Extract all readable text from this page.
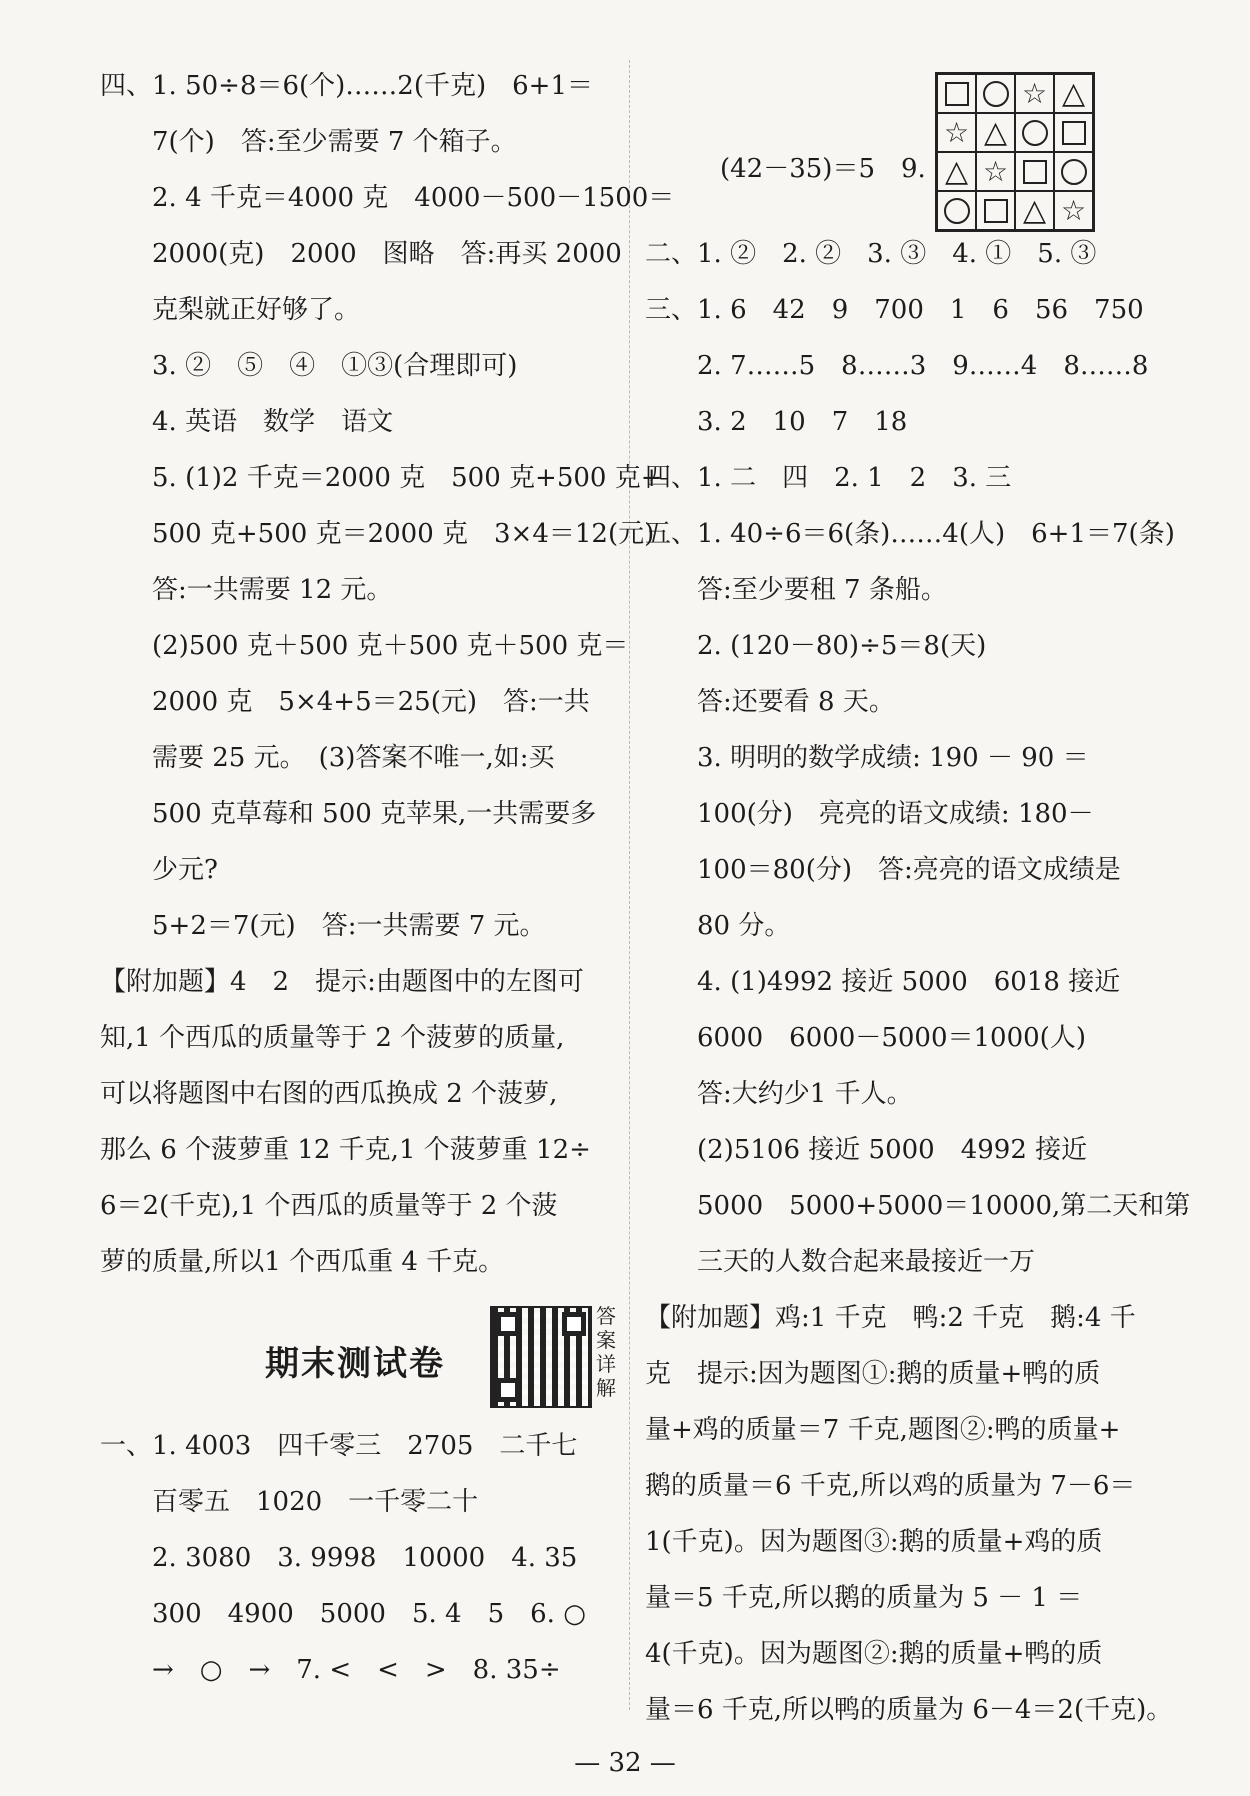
四、1. 50÷8＝6(个)……2(千克)　6+1＝
7(个)　答:至少需要 7 个箱子。
2. 4 千克＝4000 克　4000－500－1500＝
2000(克)　2000　图略　答:再买 2000
克梨就正好够了。
3. ②　⑤　④　①③(合理即可)
4. 英语　数学　语文
5. (1)2 千克＝2000 克　500 克+500 克+
500 克+500 克＝2000 克　3×4＝12(元)
答:一共需要 12 元。
(2)500 克＋500 克＋500 克＋500 克＝
2000 克　5×4+5＝25(元)　答:一共
需要 25 元。　(3)答案不唯一,如:买
500 克草莓和 500 克苹果,一共需要多
少元?
5+2＝7(元)　答:一共需要 7 元。
【附加题】4　2　提示:由题图中的左图可
知,1 个西瓜的质量等于 2 个菠萝的质量,
可以将题图中右图的西瓜换成 2 个菠萝,
那么 6 个菠萝重 12 千克,1 个菠萝重 12÷
6＝2(千克),1 个西瓜的质量等于 2 个菠
萝的质量,所以1 个西瓜重 4 千克。
期末测试卷
答
案
详
解
一、1. 4003　四千零三　2705　二千七
百零五　1020　一千零二十
2. 3080　3. 9998　10000　4. 35
300　4900　5000　5. 4　5　6. ○
→　○　→　7. <　<　>　8. 35÷
(42－35)＝5　9.
☆ △
☆ △
△ ☆
△ ☆
二、1. ②　2. ②　3. ③　4. ①　5. ③
三、1. 6　42　9　700　1　6　56　750
2. 7……5　8……3　9……4　8……8
3. 2　10　7　18
四、1. 二　四　2. 1　2　3. 三
五、1. 40÷6＝6(条)……4(人)　6+1＝7(条)
答:至少要租 7 条船。
2. (120－80)÷5＝8(天)
答:还要看 8 天。
3. 明明的数学成绩: 190 － 90 ＝
100(分)　亮亮的语文成绩: 180－
100＝80(分)　答:亮亮的语文成绩是
80 分。
4. (1)4992 接近 5000　6018 接近
6000　6000－5000＝1000(人)
答:大约少1 千人。
(2)5106 接近 5000　4992 接近
5000　5000+5000＝10000,第二天和第
三天的人数合起来最接近一万
【附加题】鸡:1 千克　鸭:2 千克　鹅:4 千
克　提示:因为题图①:鹅的质量+鸭的质
量+鸡的质量＝7 千克,题图②:鸭的质量+
鹅的质量＝6 千克,所以鸡的质量为 7－6＝
1(千克)。因为题图③:鹅的质量+鸡的质
量＝5 千克,所以鹅的质量为 5 － 1 ＝
4(千克)。因为题图②:鹅的质量+鸭的质
量＝6 千克,所以鸭的质量为 6－4＝2(千克)。
— 32 —
